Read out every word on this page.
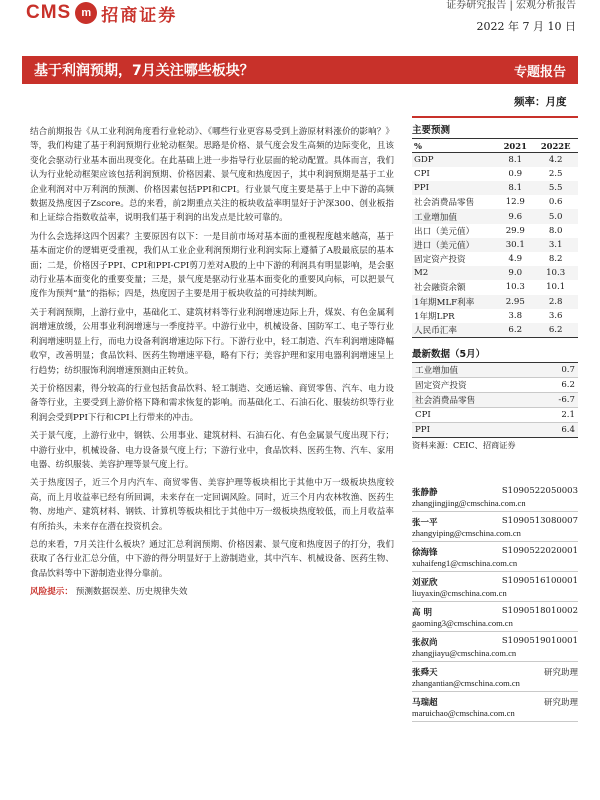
CMS m 招商证券	证券研究报告 | 宏观分析报告
2022 年 7 月 10 日
基于利润预期，7月关注哪些板块？	专题报告
频率：月度

结合前期报告《从工业利润角度看行业轮动》、《哪些行业更容易受到上游原材料涨价的影响？》等，我们构建了基于利润预期行业轮动框架。思路是价格、景气度会发生高频的边际变化，且该变化会驱动行业基本面出现变化。在此基础上进一步指导行业层面的轮动配置。具体而言，我们认为行业轮动框架应该包括利润预期、价格因素、景气度和热度因子，其中利润预期是基于工业企业利润对中万利润的预测、价格因素包括PPI和CPI。行业景气度主要是基于上中下游的高频数据及热度因子Zscore。总的来看，前2期重点关注的板块收益率明显好于沪深300、创业板指和上证综合指数收益率，说明我们基于利润的出发点是比较可靠的。

为什么会选择这四个因素？主要原因有以下：一是目前市场对基本面的重视程度越来越高，基于基本面定价的逻辑更受重视，我们从工业企业利润预期行业利润实际上遵循了A股最底层的基本面；二是，价格因子PPI、CPI和PPI-CPI剪刀差对A股的上中下游的利润具有明显影响，是会驱动行业基本面变化的重要变量；三是，景气度是驱动行业基本面变化的重要风向标，可以把景气度作为预判“量”的指标；四是，热度因子主要是用于板块收益的可持续判断。

关于利润预期，上游行业中，基础化工、建筑材料等行业利润增速边际上升，煤炭、有色金属利润增速放缓，公用事业利润增速与一季度持平。中游行业中，机械设备、国防军工、电子等行业利润增速明显上行，而电力设备利润增速边际下行。下游行业中，轻工制造、汽车利润增速降幅收窄，改善明显；食品饮料、医药生物增速平稳，略有下行；美容护理和家用电器利润增速呈上行趋势；纺织服饰利润增速预测由正转负。

关于价格因素，得分较高的行业包括食品饮料、轻工制造、交通运输、商贸零售、汽车、电力设备等行业，主要受到上游价格下降和需求恢复的影响。而基础化工、石油石化、服装纺织等行业利润会受到PPI下行和CPI上行带来的冲击。

关于景气度，上游行业中，钢铁、公用事业、建筑材料、石油石化、有色金属景气度出现下行；中游行业中，机械设备、电力设备景气度上行；下游行业中，食品饮料、医药生物、汽车、家用电器、纺织服装、美容护理等景气度上行。

关于热度因子，近三个月内汽车、商贸零售、美容护理等板块相比于其他中万一级板块热度较高，而上月收益率已经有所回调，未来存在一定回调风险。同时，近三个月内农林牧渔、医药生物、房地产、建筑材料、钢铁、计算机等板块相比于其他中万一级板块热度较低，而上月收益率有所抬头，未来存在潜在投资机会。

总的来看，7月关注什么板块？通过汇总利润预期、价格因素、景气度和热度因子的打分，我们获取了各行业汇总分值，中下游的得分明显好于上游制造业，其中汽车、机械设备、医药生物、食品饮料等中下游制造业得分靠前。

风险提示： 预测数据误差、历史规律失效

主要预测
%	2021	2022E
GDP	8.1	4.2
CPI	0.9	2.5
PPI	8.1	5.5
社会消费品零售	12.9	0.6
工业增加值	9.6	5.0
出口（美元值）	29.9	8.0
进口（美元值）	30.1	3.1
固定资产投资	4.9	8.2
M2	9.0	10.3
社会融资余额	10.3	10.1
1年期MLF利率	2.95	2.8
1年期LPR	3.8	3.6
人民币汇率	6.2	6.2
最新数据（5月）
工业增加值	0.7
固定资产投资	6.2
社会消费品零售	-6.7
CPI	2.1
PPI	6.4
资料来源：CEIC、招商证券
张静静	S1090522050003
zhangjingjing@cmschina.com.cn
张一平	S1090513080007
zhangyiping@cmschina.com.cn
徐海锋	S1090522020001
xuhaifeng1@cmschina.com.cn
刘亚欣	S1090516100001
liuyaxin@cmschina.com.cn
高 明	S1090518010002
gaoming3@cmschina.com.cn
张叔尚	S1090519010001
zhangjiayu@cmschina.com.cn
张舜天	研究助理
zhangantian@cmschina.com.cn
马瑞超	研究助理
maruichao@cmschina.com.cn
